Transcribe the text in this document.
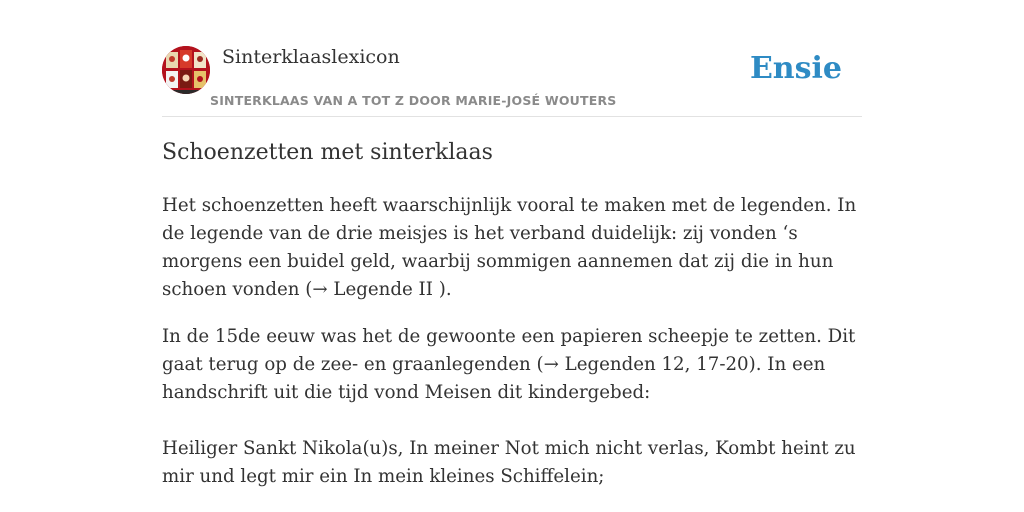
Sinterklaaslexicon
SINTERKLAAS VAN A TOT Z DOOR MARIE-JOSÉ WOUTERS
Ensie
Schoenzetten met sinterklaas

Het schoenzetten heeft waarschijnlijk vooral te maken met de legenden. In de legende van de drie meisjes is het verband duidelijk: zij vonden ‘s morgens een buidel geld, waarbij sommigen aannemen dat zij die in hun schoen vonden (→ Legende II ).

In de 15de eeuw was het de gewoonte een papieren scheepje te zetten. Dit gaat terug op de zee- en graanlegenden (→ Legenden 12, 17-20). In een handschrift uit die tijd vond Meisen dit kindergebed:

Heiliger Sankt Nikola(u)s, In meiner Not mich nicht verlas, Kombt heint zu mir und legt mir ein In mein kleines Schiffelein;
